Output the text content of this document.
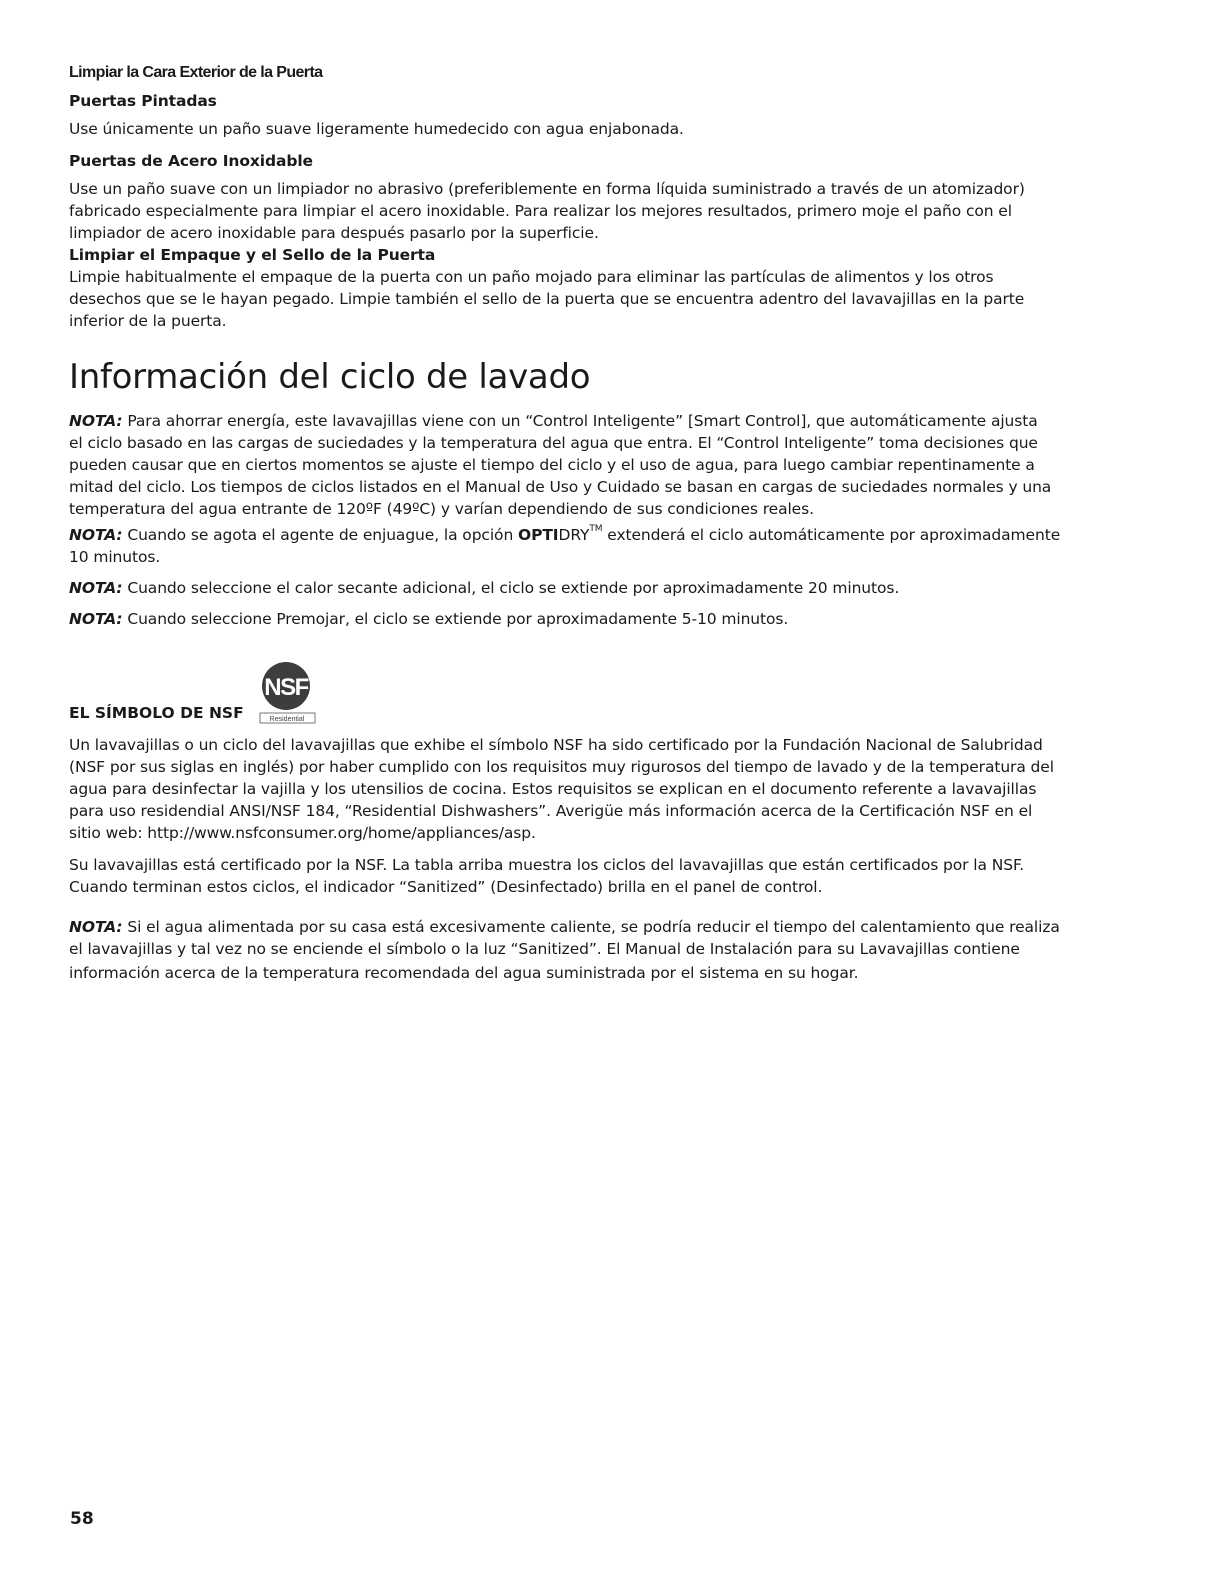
Limpiar la Cara Exterior de la Puerta

Puertas Pintadas

Use únicamente un paño suave ligeramente humedecido con agua enjabonada.

Puertas de Acero Inoxidable

Use un paño suave con un limpiador no abrasivo (preferiblemente en forma líquida suministrado a través de un atomizador)

fabricado especialmente para limpiar el acero inoxidable. Para realizar los mejores resultados, primero moje el paño con el

limpiador de acero inoxidable para después pasarlo por la superficie.

Limpiar el Empaque y el Sello de la Puerta

Limpie habitualmente el empaque de la puerta con un paño mojado para eliminar las partículas de alimentos y los otros

desechos que se le hayan pegado. Limpie también el sello de la puerta que se encuentra adentro del lavavajillas en la parte

inferior de la puerta.

Información del ciclo de lavado

NOTA: Para ahorrar energía, este lavavajillas viene con un “Control Inteligente” [Smart Control], que automáticamente ajusta

el ciclo basado en las cargas de suciedades y la temperatura del agua que entra. El “Control Inteligente” toma decisiones que

pueden causar que en ciertos momentos se ajuste el tiempo del ciclo y el uso de agua, para luego cambiar repentinamente a

mitad del ciclo. Los tiempos de ciclos listados en el Manual de Uso y Cuidado se basan en cargas de suciedades normales y una

temperatura del agua entrante de 120ºF (49ºC) y varían dependiendo de sus condiciones reales.

NOTA: Cuando se agota el agente de enjuague, la opción OPTIDRY™ extenderá el ciclo automáticamente por aproximadamente

10 minutos.

NOTA: Cuando seleccione el calor secante adicional, el ciclo se extiende por aproximadamente 20 minutos.

NOTA: Cuando seleccione Premojar, el ciclo se extiende por aproximadamente 5-10 minutos.

EL SÍMBOLO DE NSF
NSF
Residential

Un lavavajillas o un ciclo del lavavajillas que exhibe el símbolo NSF ha sido certificado por la Fundación Nacional de Salubridad

(NSF por sus siglas en inglés) por haber cumplido con los requisitos muy rigurosos del tiempo de lavado y de la temperatura del

agua para desinfectar la vajilla y los utensilios de cocina. Estos requisitos se explican en el documento referente a lavavajillas

para uso residendial ANSI/NSF 184, “Residential Dishwashers”. Averigüe más información acerca de la Certificación NSF en el

sitio web: http://www.nsfconsumer.org/home/appliances/asp.

Su lavavajillas está certificado por la NSF. La tabla arriba muestra los ciclos del lavavajillas que están certificados por la NSF.

Cuando terminan estos ciclos, el indicador “Sanitized” (Desinfectado) brilla en el panel de control.

NOTA: Si el agua alimentada por su casa está excesivamente caliente, se podría reducir el tiempo del calentamiento que realiza

el lavavajillas y tal vez no se enciende el símbolo o la luz “Sanitized”. El Manual de Instalación para su Lavavajillas contiene

información acerca de la temperatura recomendada del agua suministrada por el sistema en su hogar.

58
